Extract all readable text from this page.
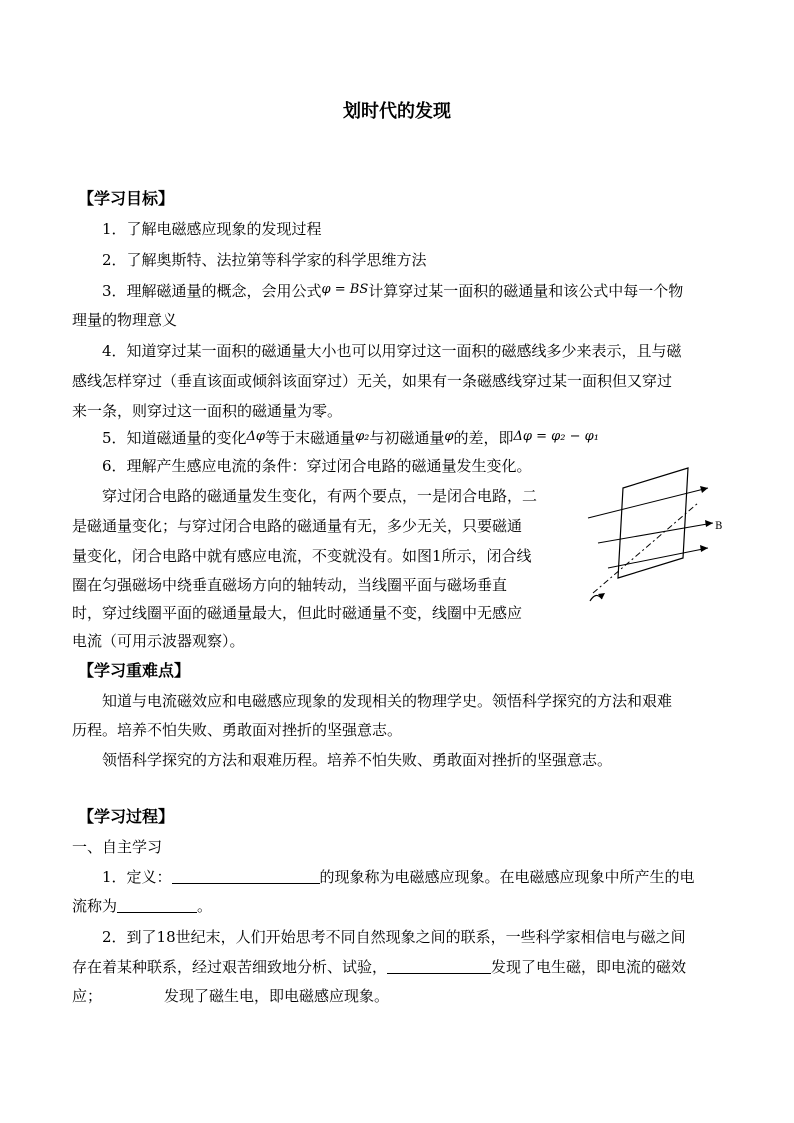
划时代的发现
【学习目标】
1．了解电磁感应现象的发现过程
2．了解奥斯特、法拉第等科学家的科学思维方法
3．理解磁通量的概念，会用公式φ = BS计算穿过某一面积的磁通量和该公式中每一个物
理量的物理意义
4．知道穿过某一面积的磁通量大小也可以用穿过这一面积的磁感线多少来表示，且与磁
感线怎样穿过（垂直该面或倾斜该面穿过）无关，如果有一条磁感线穿过某一面积但又穿过
来一条，则穿过这一面积的磁通量为零。
5．知道磁通量的变化Δφ等于末磁通量φ₂与初磁通量φ的差，即Δφ = φ₂ − φ₁
6．理解产生感应电流的条件：穿过闭合电路的磁通量发生变化。
穿过闭合电路的磁通量发生变化，有两个要点，一是闭合电路，二
是磁通量变化；与穿过闭合电路的磁通量有无，多少无关，只要磁通
量变化，闭合电路中就有感应电流，不变就没有。如图1所示，闭合线
圈在匀强磁场中绕垂直磁场方向的轴转动，当线圈平面与磁场垂直
时，穿过线圈平面的磁通量最大，但此时磁通量不变，线圈中无感应
电流（可用示波器观察）。
B
【学习重难点】
知道与电流磁效应和电磁感应现象的发现相关的物理学史。领悟科学探究的方法和艰难
历程。培养不怕失败、勇敢面对挫折的坚强意志。
领悟科学探究的方法和艰难历程。培养不怕失败、勇敢面对挫折的坚强意志。
【学习过程】
一、自主学习
1．定义：	的现象称为电磁感应现象。在电磁感应现象中所产生的电
流称为	。
2．到了18世纪末，人们开始思考不同自然现象之间的联系，一些科学家相信电与磁之间
存在着某种联系，经过艰苦细致地分析、试验，	发现了电生磁，即电流的磁效
应；	发现了磁生电，即电磁感应现象。
